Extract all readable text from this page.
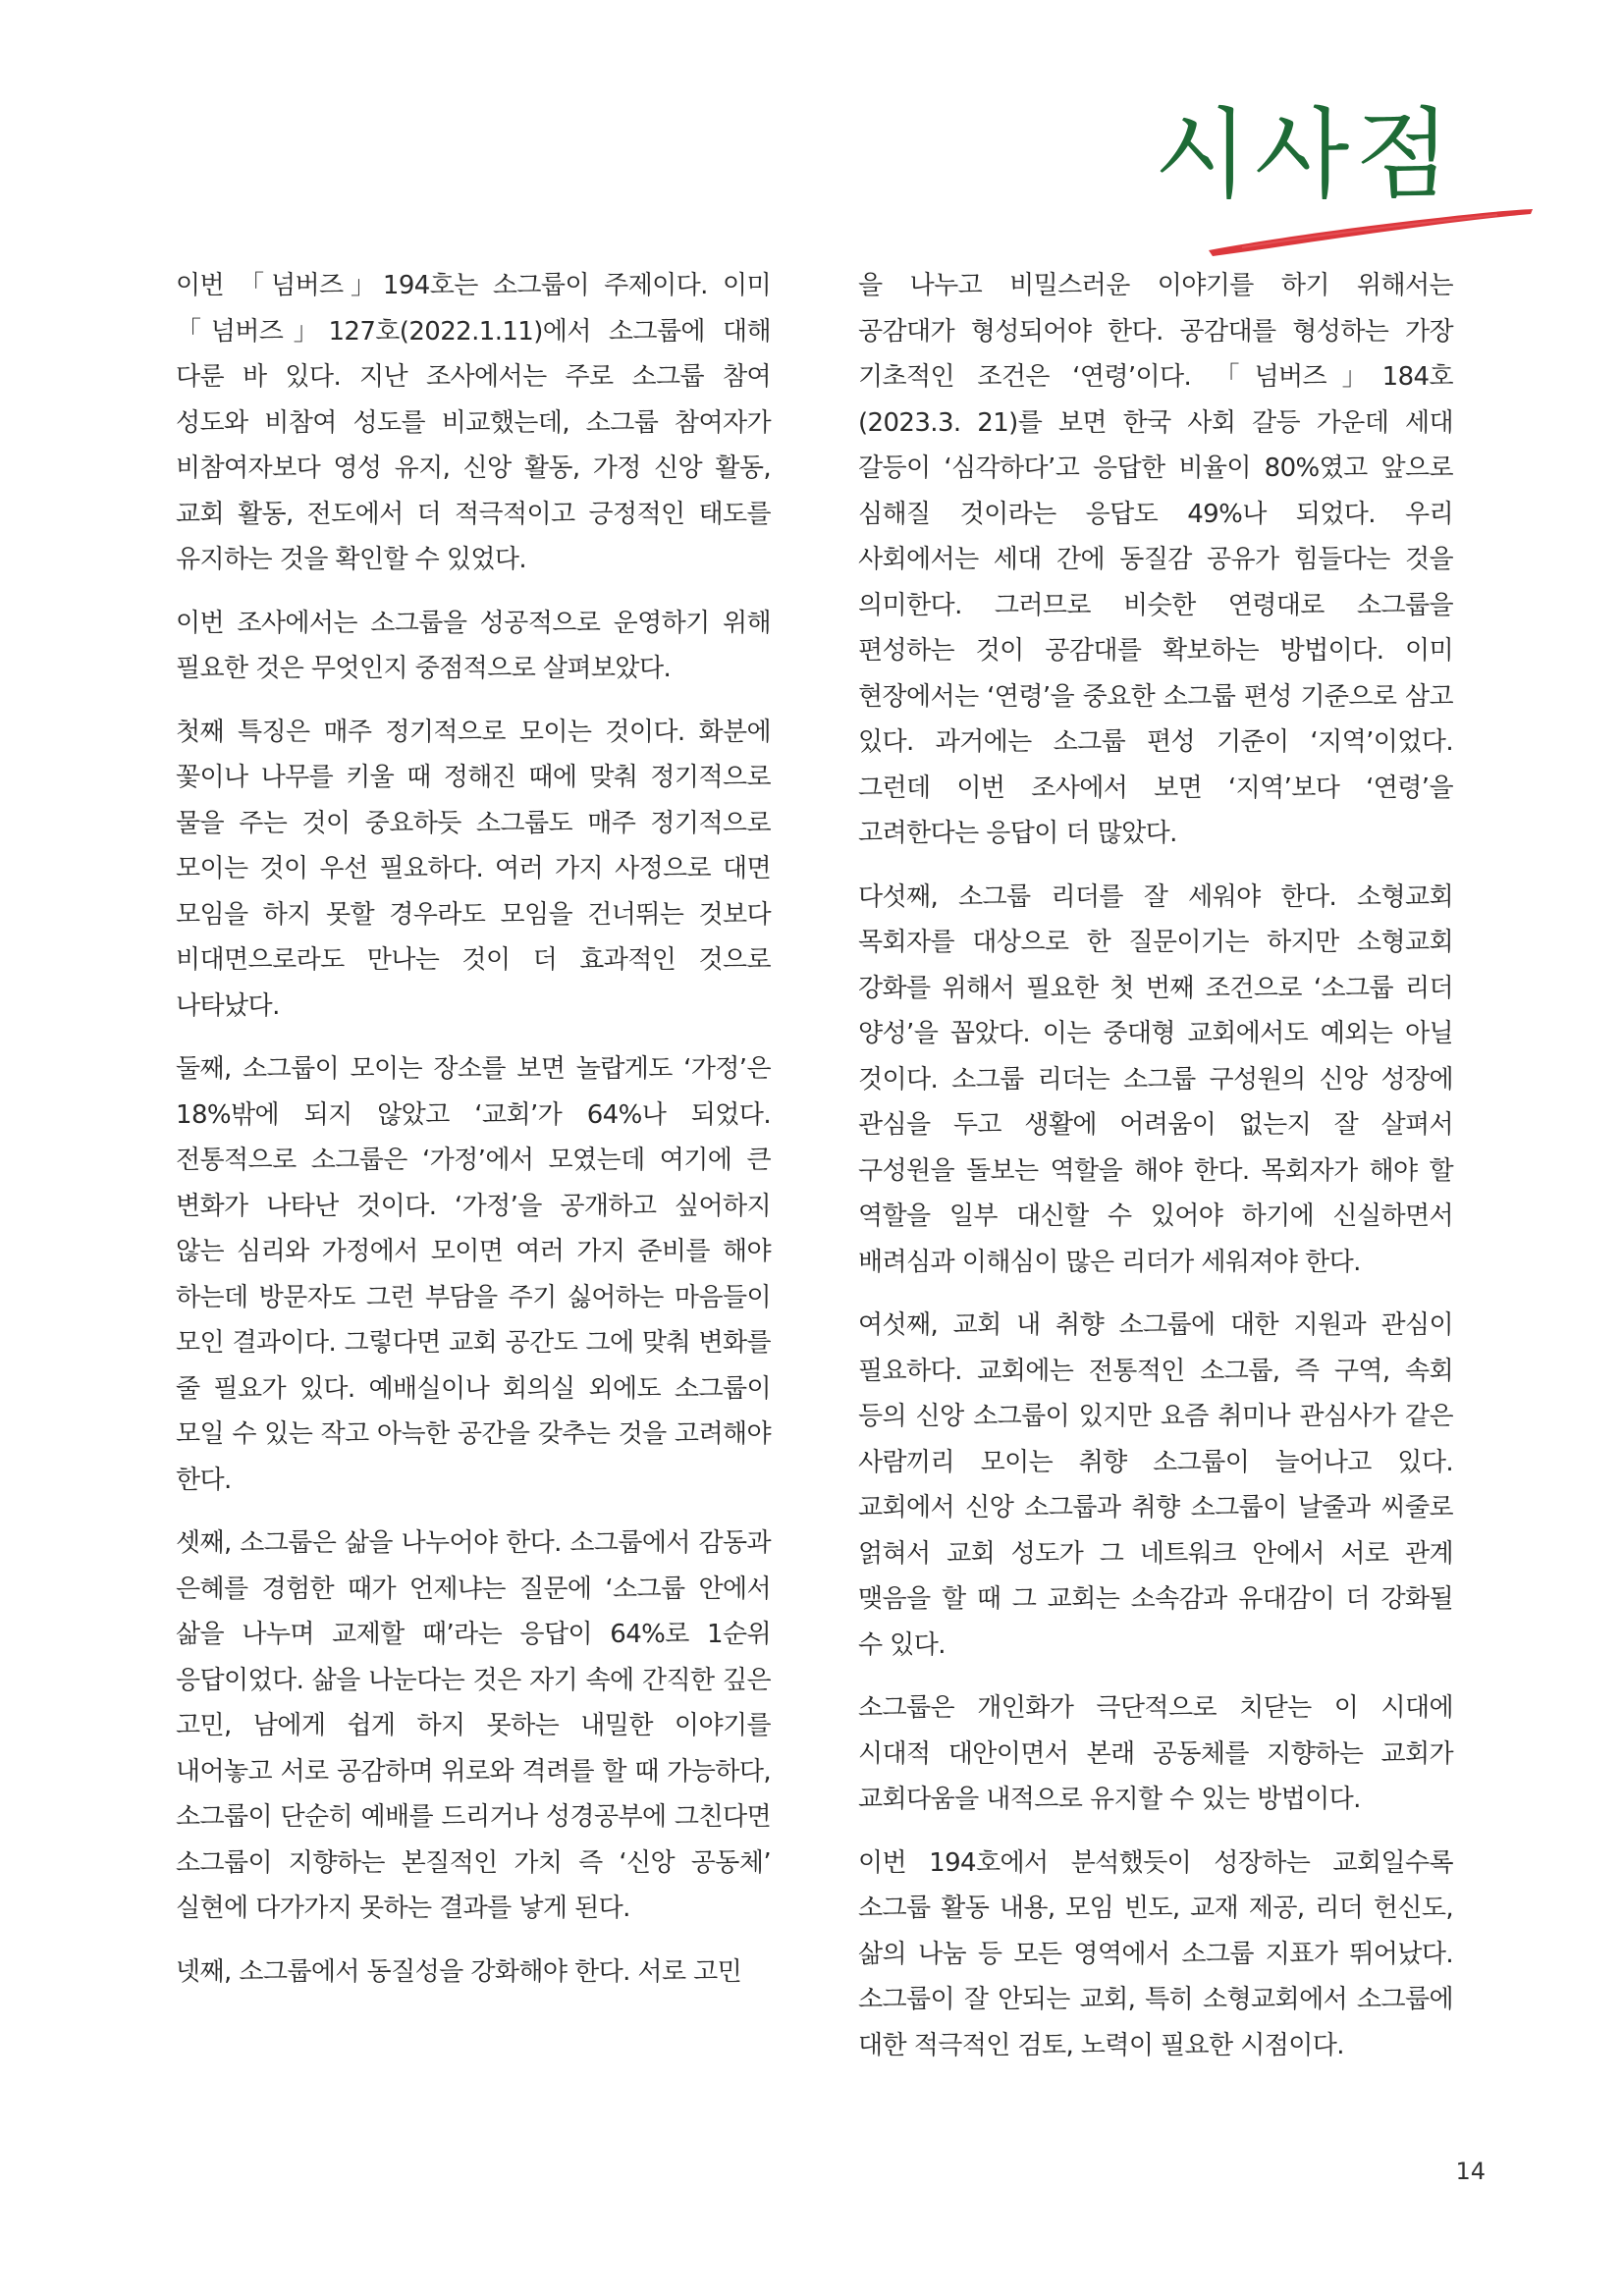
시사점

이번 「넘버즈」194호는 소그룹이 주제이다. 이미 「넘버즈」127호(2022.1.11)에서 소그룹에 대해 다룬 바 있다. 지난 조사에서는 주로 소그룹 참여 성도와 비참여 성도를 비교했는데, 소그룹 참여자가 비참여자보다 영성 유지, 신앙 활동, 가정 신앙 활동, 교회 활동, 전도에서 더 적극적이고 긍정적인 태도를 유지하는 것을 확인할 수 있었다.

이번 조사에서는 소그룹을 성공적으로 운영하기 위해 필요한 것은 무엇인지 중점적으로 살펴보았다.

첫째 특징은 매주 정기적으로 모이는 것이다. 화분에 꽃이나 나무를 키울 때 정해진 때에 맞춰 정기적으로 물을 주는 것이 중요하듯 소그룹도 매주 정기적으로 모이는 것이 우선 필요하다. 여러 가지 사정으로 대면 모임을 하지 못할 경우라도 모임을 건너뛰는 것보다 비대면으로라도 만나는 것이 더 효과적인 것으로 나타났다.

둘째, 소그룹이 모이는 장소를 보면 놀랍게도 ‘가정’은 18%밖에 되지 않았고 ‘교회’가 64%나 되었다. 전통적으로 소그룹은 ‘가정’에서 모였는데 여기에 큰 변화가 나타난 것이다. ‘가정’을 공개하고 싶어하지 않는 심리와 가정에서 모이면 여러 가지 준비를 해야 하는데 방문자도 그런 부담을 주기 싫어하는 마음들이 모인 결과이다. 그렇다면 교회 공간도 그에 맞춰 변화를 줄 필요가 있다. 예배실이나 회의실 외에도 소그룹이 모일 수 있는 작고 아늑한 공간을 갖추는 것을 고려해야 한다.

셋째, 소그룹은 삶을 나누어야 한다. 소그룹에서 감동과 은혜를 경험한 때가 언제냐는 질문에 ‘소그룹 안에서 삶을 나누며 교제할 때’라는 응답이 64%로 1순위 응답이었다. 삶을 나눈다는 것은 자기 속에 간직한 깊은 고민, 남에게 쉽게 하지 못하는 내밀한 이야기를 내어놓고 서로 공감하며 위로와 격려를 할 때 가능하다, 소그룹이 단순히 예배를 드리거나 성경공부에 그친다면 소그룹이 지향하는 본질적인 가치 즉 ‘신앙 공동체’ 실현에 다가가지 못하는 결과를 낳게 된다.

넷째, 소그룹에서 동질성을 강화해야 한다. 서로 고민

을 나누고 비밀스러운 이야기를 하기 위해서는 공감대가 형성되어야 한다. 공감대를 형성하는 가장 기초적인 조건은 ‘연령’이다. 「넘버즈」184호(2023.3. 21)를 보면 한국 사회 갈등 가운데 세대 갈등이 ‘심각하다’고 응답한 비율이 80%였고 앞으로 심해질 것이라는 응답도 49%나 되었다. 우리 사회에서는 세대 간에 동질감 공유가 힘들다는 것을 의미한다. 그러므로 비슷한 연령대로 소그룹을 편성하는 것이 공감대를 확보하는 방법이다. 이미 현장에서는 ‘연령’을 중요한 소그룹 편성 기준으로 삼고 있다. 과거에는 소그룹 편성 기준이 ‘지역’이었다. 그런데 이번 조사에서 보면 ‘지역’보다 ‘연령’을 고려한다는 응답이 더 많았다.

다섯째, 소그룹 리더를 잘 세워야 한다. 소형교회 목회자를 대상으로 한 질문이기는 하지만 소형교회 강화를 위해서 필요한 첫 번째 조건으로 ‘소그룹 리더 양성’을 꼽았다. 이는 중대형 교회에서도 예외는 아닐 것이다. 소그룹 리더는 소그룹 구성원의 신앙 성장에 관심을 두고 생활에 어려움이 없는지 잘 살펴서 구성원을 돌보는 역할을 해야 한다. 목회자가 해야 할 역할을 일부 대신할 수 있어야 하기에 신실하면서 배려심과 이해심이 많은 리더가 세워져야 한다.

여섯째, 교회 내 취향 소그룹에 대한 지원과 관심이 필요하다. 교회에는 전통적인 소그룹, 즉 구역, 속회 등의 신앙 소그룹이 있지만 요즘 취미나 관심사가 같은 사람끼리 모이는 취향 소그룹이 늘어나고 있다. 교회에서 신앙 소그룹과 취향 소그룹이 날줄과 씨줄로 얽혀서 교회 성도가 그 네트워크 안에서 서로 관계 맺음을 할 때 그 교회는 소속감과 유대감이 더 강화될 수 있다.

소그룹은 개인화가 극단적으로 치닫는 이 시대에 시대적 대안이면서 본래 공동체를 지향하는 교회가 교회다움을 내적으로 유지할 수 있는 방법이다.

이번 194호에서 분석했듯이 성장하는 교회일수록 소그룹 활동 내용, 모임 빈도, 교재 제공, 리더 헌신도, 삶의 나눔 등 모든 영역에서 소그룹 지표가 뛰어났다. 소그룹이 잘 안되는 교회, 특히 소형교회에서 소그룹에 대한 적극적인 검토, 노력이 필요한 시점이다.

14
